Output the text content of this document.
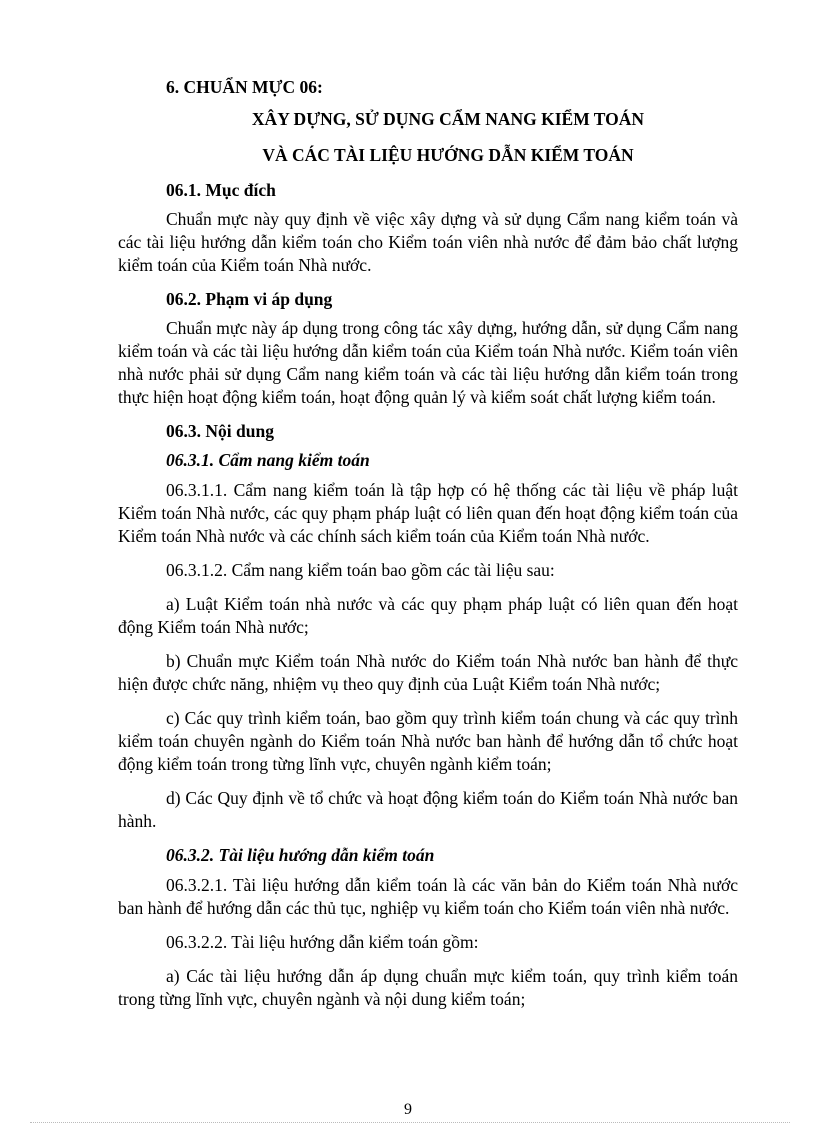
6. CHUẨN MỰC 06:
XÂY DỰNG, SỬ DỤNG CẨM NANG KIỂM TOÁN
VÀ CÁC TÀI LIỆU HƯỚNG DẪN KIỂM TOÁN
06.1. Mục đích
Chuẩn mực này quy định về việc xây dựng và sử dụng Cẩm nang kiểm toán và các tài liệu hướng dẫn kiểm toán cho Kiểm toán viên nhà nước để đảm bảo chất lượng kiểm toán của Kiểm toán Nhà nước.
06.2. Phạm vi áp dụng
Chuẩn mực này áp dụng trong công tác xây dựng, hướng dẫn, sử dụng Cẩm nang kiểm toán và các tài liệu hướng dẫn kiểm toán của Kiểm toán Nhà nước. Kiểm toán viên nhà nước phải sử dụng Cẩm nang kiểm toán và các tài liệu hướng dẫn kiểm toán trong thực hiện hoạt động kiểm toán, hoạt động quản lý và kiểm soát chất lượng kiểm toán.
06.3. Nội dung
06.3.1. Cẩm nang kiểm toán
06.3.1.1. Cẩm nang kiểm toán là tập hợp có hệ thống các tài liệu về pháp luật Kiểm toán Nhà nước, các quy phạm pháp luật có liên quan đến hoạt động kiểm toán của Kiểm toán Nhà nước và các chính sách kiểm toán của Kiểm toán Nhà nước.
06.3.1.2. Cẩm nang kiểm toán bao gồm các tài liệu sau:
a) Luật Kiểm toán nhà nước và các quy phạm pháp luật có liên quan đến hoạt động Kiểm toán Nhà nước;
b) Chuẩn mực Kiểm toán Nhà nước do Kiểm toán Nhà nước ban hành để thực hiện được chức năng, nhiệm vụ theo quy định của Luật Kiểm toán Nhà nước;
c) Các quy trình kiểm toán, bao gồm quy trình kiểm toán chung và các quy trình kiểm toán chuyên ngành do Kiểm toán Nhà nước ban hành để hướng dẫn tổ chức hoạt động kiểm toán trong từng lĩnh vực, chuyên ngành kiểm toán;
d) Các Quy định về tổ chức và hoạt động kiểm toán do Kiểm toán Nhà nước ban hành.
06.3.2. Tài liệu hướng dẫn kiểm toán
06.3.2.1. Tài liệu hướng dẫn kiểm toán là các văn bản do Kiểm toán Nhà nước ban hành để hướng dẫn các thủ tục, nghiệp vụ kiểm toán cho Kiểm toán viên nhà nước.
06.3.2.2. Tài liệu hướng dẫn kiểm toán gồm:
a) Các tài liệu hướng dẫn áp dụng chuẩn mực kiểm toán, quy trình kiểm toán trong từng lĩnh vực, chuyên ngành và nội dung kiểm toán;
9
